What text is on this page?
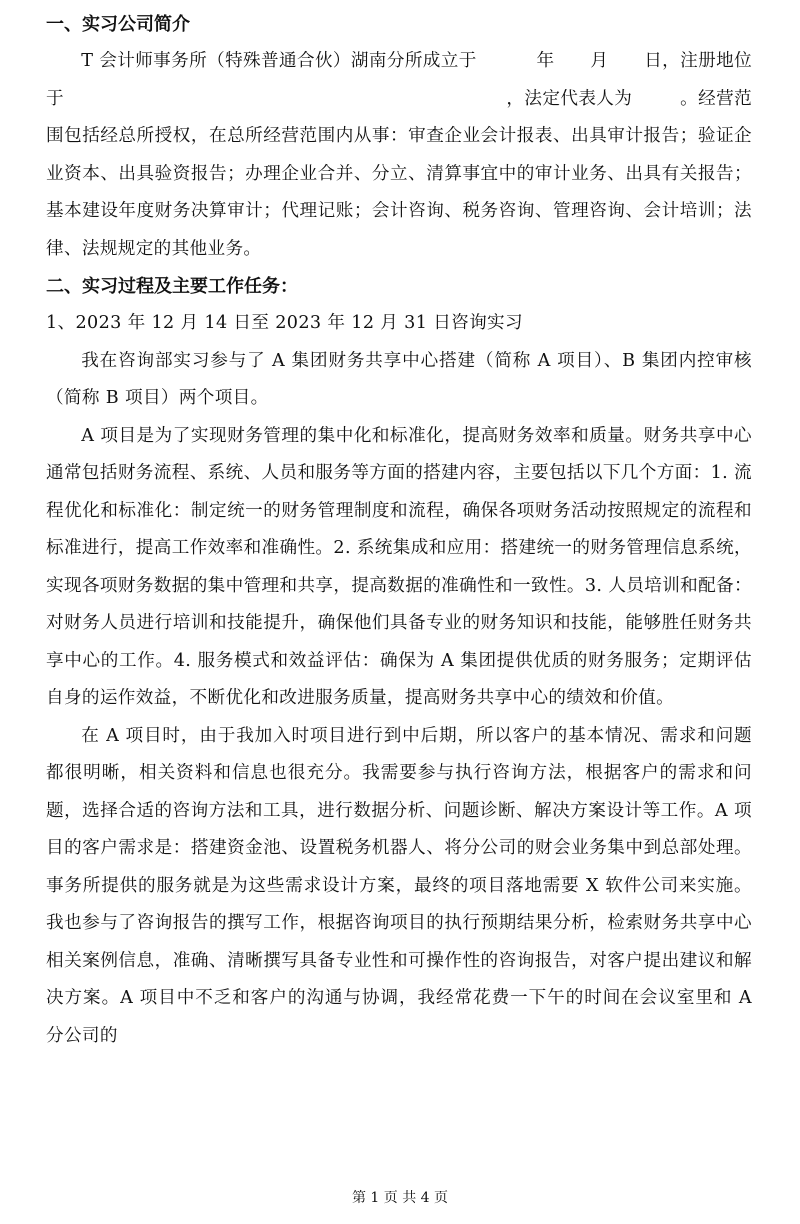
一、实习公司简介

T 会计师事务所（特殊普通合伙）湖南分所成立于	年 月 日，注册地位于	，法定代表人为	。经营范围包括经总所授权，在总所经营范围内从事：审查企业会计报表、出具审计报告；验证企业资本、出具验资报告；办理企业合并、分立、清算事宜中的审计业务、出具有关报告；基本建设年度财务决算审计；代理记账；会计咨询、税务咨询、管理咨询、会计培训；法律、法规规定的其他业务。

二、实习过程及主要工作任务：

1、2023 年 12 月 14 日至 2023 年 12 月 31 日咨询实习

我在咨询部实习参与了 A 集团财务共享中心搭建（简称 A 项目）、B 集团内控审核（简称 B 项目）两个项目。

A 项目是为了实现财务管理的集中化和标准化，提高财务效率和质量。财务共享中心通常包括财务流程、系统、人员和服务等方面的搭建内容，主要包括以下几个方面：1. 流程优化和标准化：制定统一的财务管理制度和流程，确保各项财务活动按照规定的流程和标准进行，提高工作效率和准确性。2. 系统集成和应用：搭建统一的财务管理信息系统，实现各项财务数据的集中管理和共享，提高数据的准确性和一致性。3. 人员培训和配备：对财务人员进行培训和技能提升，确保他们具备专业的财务知识和技能，能够胜任财务共享中心的工作。4. 服务模式和效益评估：确保为 A 集团提供优质的财务服务；定期评估自身的运作效益，不断优化和改进服务质量，提高财务共享中心的绩效和价值。

在 A 项目时，由于我加入时项目进行到中后期，所以客户的基本情况、需求和问题都很明晰，相关资料和信息也很充分。我需要参与执行咨询方法，根据客户的需求和问题，选择合适的咨询方法和工具，进行数据分析、问题诊断、解决方案设计等工作。A 项目的客户需求是：搭建资金池、设置税务机器人、将分公司的财会业务集中到总部处理。事务所提供的服务就是为这些需求设计方案，最终的项目落地需要 X 软件公司来实施。我也参与了咨询报告的撰写工作，根据咨询项目的执行预期结果分析，检索财务共享中心相关案例信息，准确、清晰撰写具备专业性和可操作性的咨询报告，对客户提出建议和解决方案。A 项目中不乏和客户的沟通与协调，我经常花费一下午的时间在会议室里和 A 分公司的

第 1 页 共 4 页
